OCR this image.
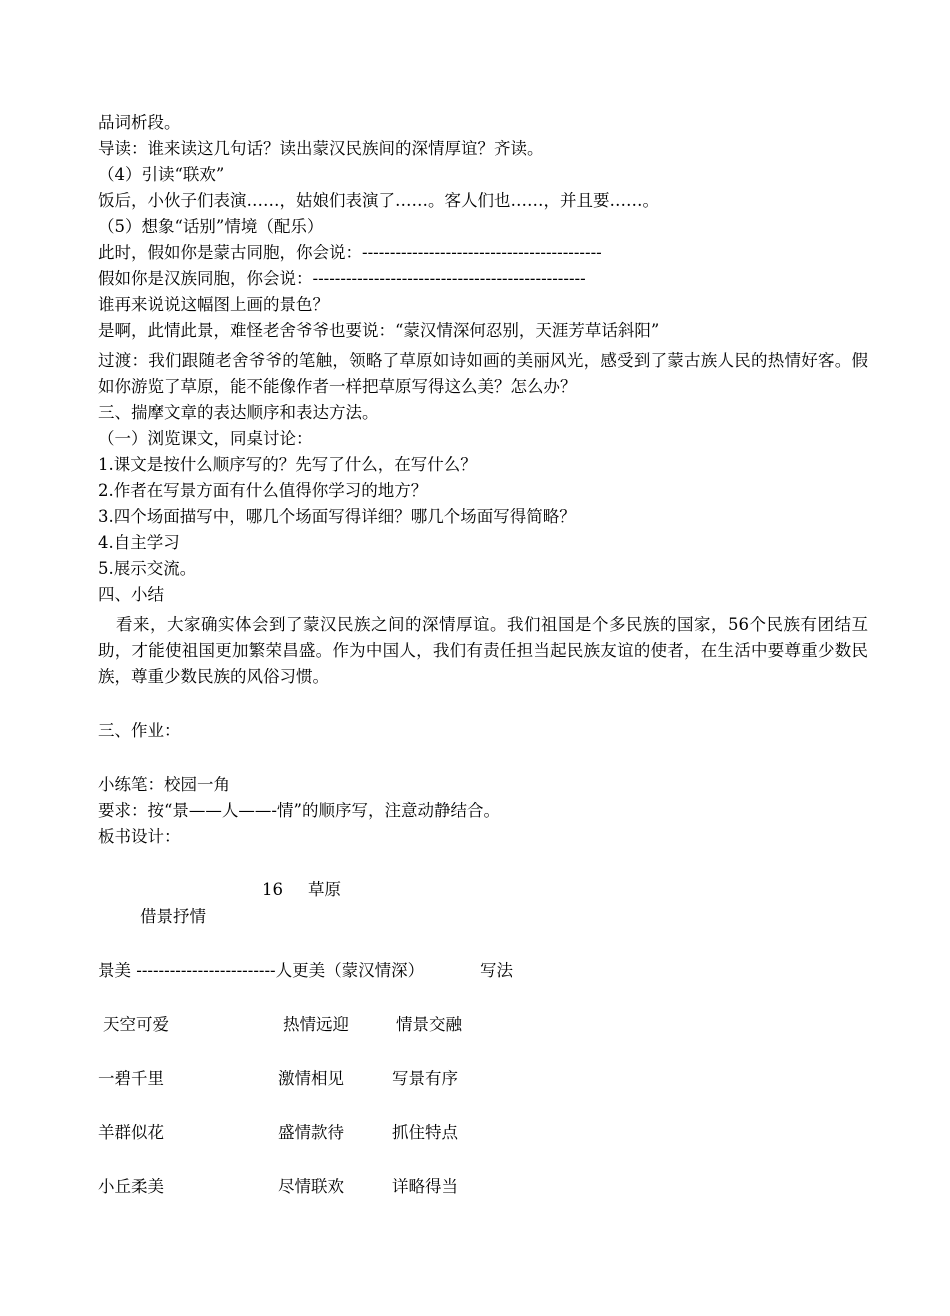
品词析段。
导读：谁来读这几句话？读出蒙汉民族间的深情厚谊？齐读。
（4）引读“联欢”
饭后，小伙子们表演……，姑娘们表演了……。客人们也……，并且要……。
（5）想象“话别”情境（配乐）
此时，假如你是蒙古同胞，你会说：-------------------------------------------
假如你是汉族同胞，你会说：-------------------------------------------------
谁再来说说这幅图上画的景色？
是啊，此情此景，难怪老舍爷爷也要说：“蒙汉情深何忍别，天涯芳草话斜阳”
过渡：我们跟随老舍爷爷的笔触，领略了草原如诗如画的美丽风光，感受到了蒙古族人民的热情好客。假如你游览了草原，能不能像作者一样把草原写得这么美？怎么办？
三、揣摩文章的表达顺序和表达方法。
（一）浏览课文，同桌讨论：
1.课文是按什么顺序写的？先写了什么，在写什么？
2.作者在写景方面有什么值得你学习的地方？
3.四个场面描写中，哪几个场面写得详细？哪几个场面写得简略？
4.自主学习
5.展示交流。
四、小结
看来，大家确实体会到了蒙汉民族之间的深情厚谊。我们祖国是个多民族的国家，56个民族有团结互助，才能使祖国更加繁荣昌盛。作为中国人，我们有责任担当起民族友谊的使者，在生活中要尊重少数民族，尊重少数民族的风俗习惯。
三、作业：
小练笔：校园一角
要求：按“景——人——-情”的顺序写，注意动静结合。
板书设计：
16 草原
借景抒情
景美 -------------------------人更美（蒙汉情深）	写法
天空可爱	热情远迎	情景交融
一碧千里	激情相见	写景有序
羊群似花	盛情款待	抓住特点
小丘柔美	尽情联欢	详略得当
